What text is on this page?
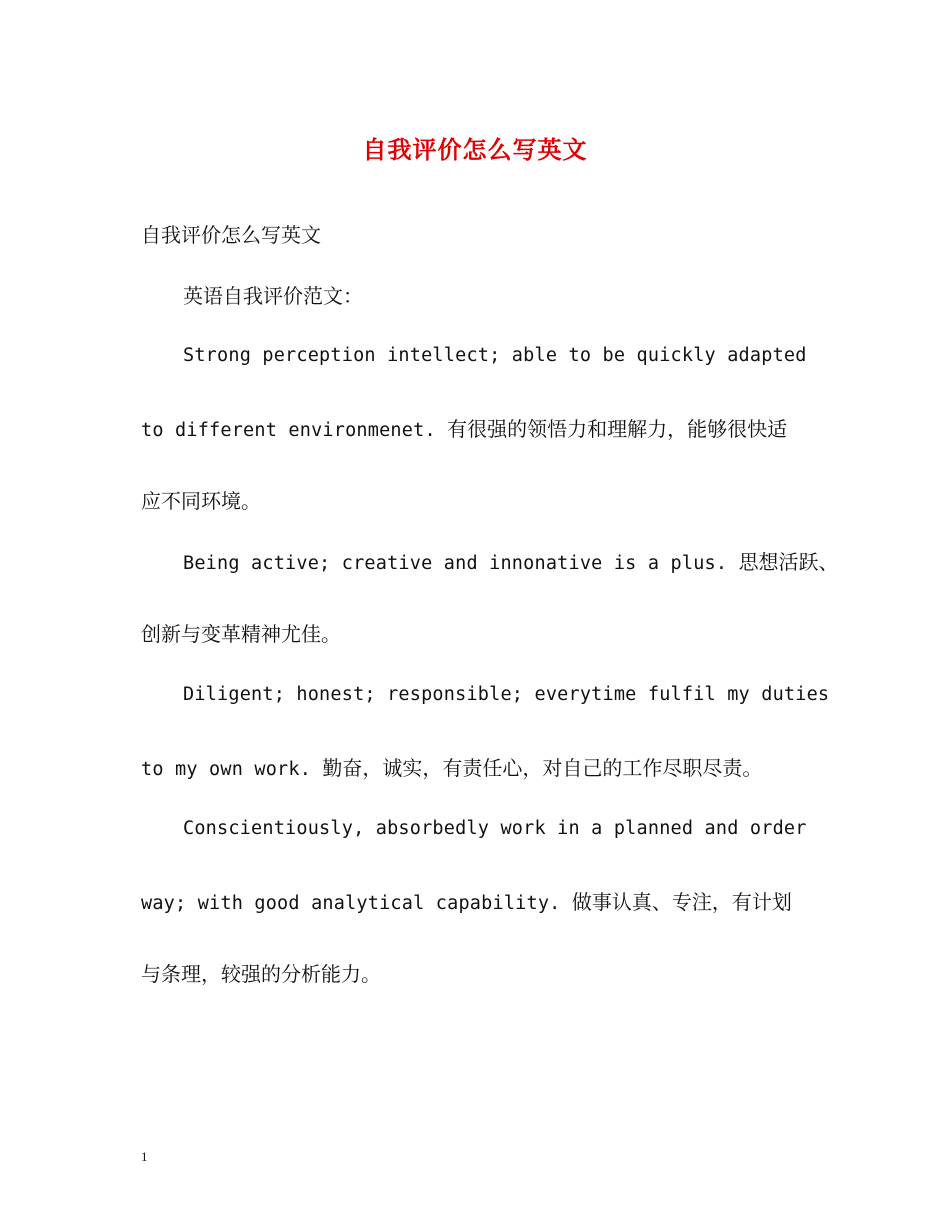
自我评价怎么写英文
自我评价怎么写英文
英语自我评价范文：
Strong perception intellect; able to be quickly adapted
to different environmenet. 有很强的领悟力和理解力，能够很快适
应不同环境。
Being active; creative and innonative is a plus. 思想活跃、
创新与变革精神尤佳。
Diligent; honest; responsible; everytime fulfil my duties
to my own work. 勤奋，诚实，有责任心，对自己的工作尽职尽责。
Conscientiously, absorbedly work in a planned and order
way; with good analytical capability. 做事认真、专注，有计划
与条理，较强的分析能力。
1
